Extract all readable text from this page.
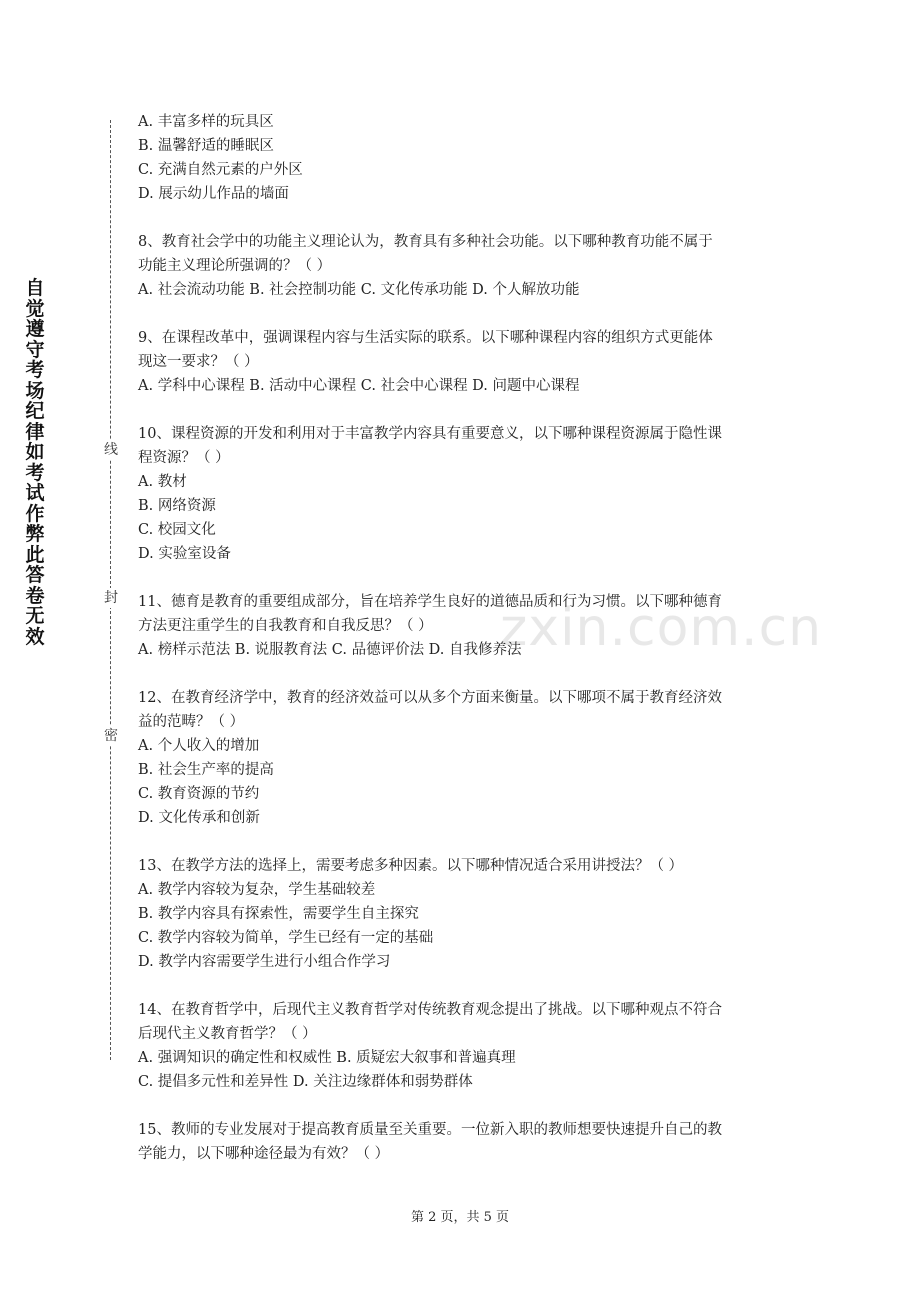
自觉遵守考场纪律如考试作弊此答卷无效
线
封
密
zxin.com.cn
A. 丰富多样的玩具区
B. 温馨舒适的睡眠区
C. 充满自然元素的户外区
D. 展示幼儿作品的墙面
8、教育社会学中的功能主义理论认为，教育具有多种社会功能。以下哪种教育功能不属于
功能主义理论所强调的？（ ）
A. 社会流动功能 B. 社会控制功能 C. 文化传承功能 D. 个人解放功能
9、在课程改革中，强调课程内容与生活实际的联系。以下哪种课程内容的组织方式更能体
现这一要求？（ ）
A. 学科中心课程 B. 活动中心课程 C. 社会中心课程 D. 问题中心课程
10、课程资源的开发和利用对于丰富教学内容具有重要意义，以下哪种课程资源属于隐性课
程资源？（ ）
A. 教材
B. 网络资源
C. 校园文化
D. 实验室设备
11、德育是教育的重要组成部分，旨在培养学生良好的道德品质和行为习惯。以下哪种德育
方法更注重学生的自我教育和自我反思？（ ）
A. 榜样示范法 B. 说服教育法 C. 品德评价法 D. 自我修养法
12、在教育经济学中，教育的经济效益可以从多个方面来衡量。以下哪项不属于教育经济效
益的范畴？（ ）
A. 个人收入的增加
B. 社会生产率的提高
C. 教育资源的节约
D. 文化传承和创新
13、在教学方法的选择上，需要考虑多种因素。以下哪种情况适合采用讲授法？（ ）
A. 教学内容较为复杂，学生基础较差
B. 教学内容具有探索性，需要学生自主探究
C. 教学内容较为简单，学生已经有一定的基础
D. 教学内容需要学生进行小组合作学习
14、在教育哲学中，后现代主义教育哲学对传统教育观念提出了挑战。以下哪种观点不符合
后现代主义教育哲学？（ ）
A. 强调知识的确定性和权威性 B. 质疑宏大叙事和普遍真理
C. 提倡多元性和差异性 D. 关注边缘群体和弱势群体
15、教师的专业发展对于提高教育质量至关重要。一位新入职的教师想要快速提升自己的教
学能力，以下哪种途径最为有效？（ ）
第 2 页，共 5 页
